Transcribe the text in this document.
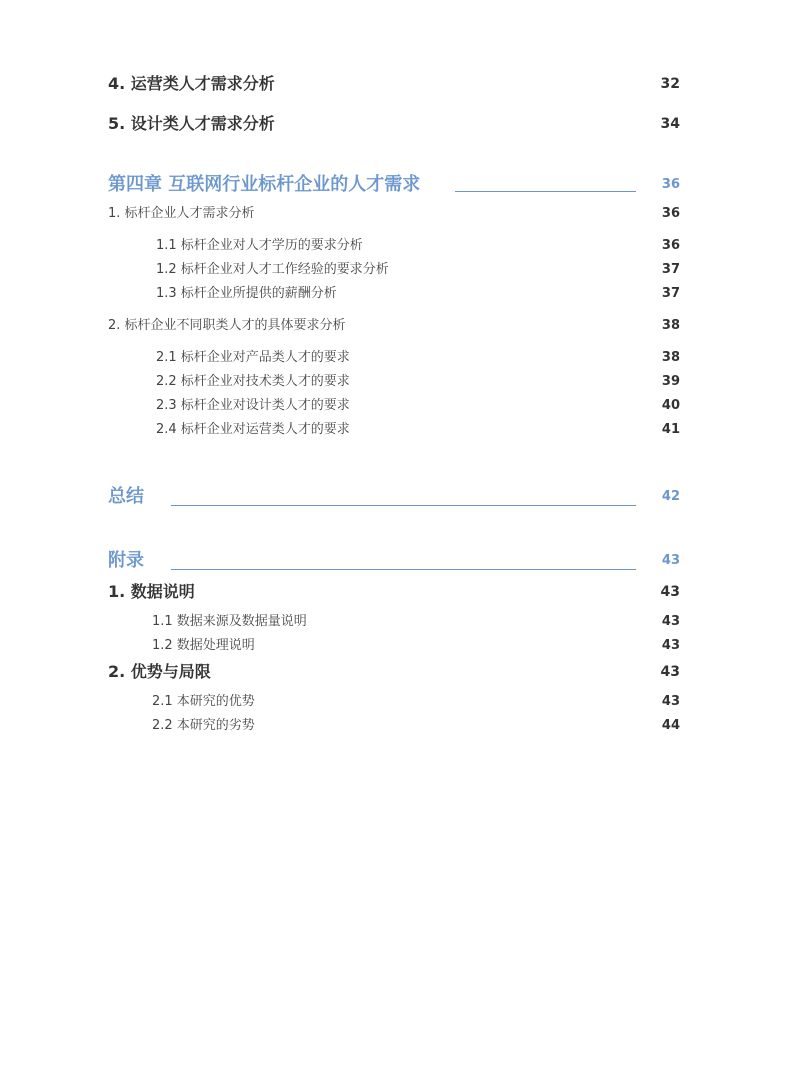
4. 运营类人才需求分析	32
5. 设计类人才需求分析	34
第四章 互联网行业标杆企业的人才需求	36
1. 标杆企业人才需求分析	36
1.1 标杆企业对人才学历的要求分析	36
1.2 标杆企业对人才工作经验的要求分析	37
1.3 标杆企业所提供的薪酬分析	37
2. 标杆企业不同职类人才的具体要求分析	38
2.1 标杆企业对产品类人才的要求	38
2.2 标杆企业对技术类人才的要求	39
2.3 标杆企业对设计类人才的要求	40
2.4 标杆企业对运营类人才的要求	41
总结	42
附录	43
1. 数据说明	43
1.1 数据来源及数据量说明	43
1.2 数据处理说明	43
2. 优势与局限	43
2.1 本研究的优势	43
2.2 本研究的劣势	44
